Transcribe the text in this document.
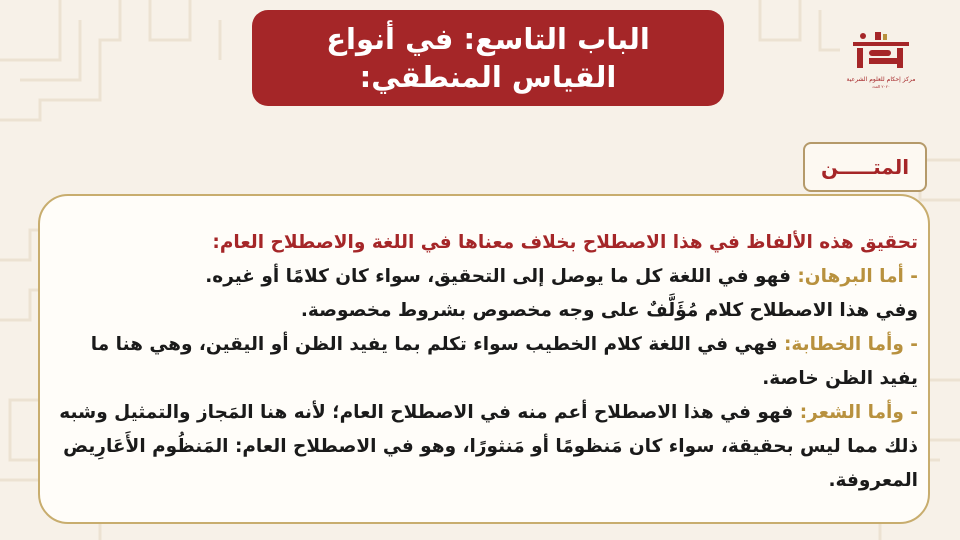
الباب التاسع: في أنواع
القياس المنطقي:	مركز إحكام للعلوم الشرعية
٢٠٢٠ العدد
المتـــــن

تحقيق هذه الألفاظ في هذا الاصطلاح بخلاف معناها في اللغة والاصطلاح العام:

- أما البرهان: فهو في اللغة كل ما يوصل إلى التحقيق، سواء كان كلامًا أو غيره.

وفي هذا الاصطلاح كلام مُؤَلَّفٌ على وجه مخصوص بشروط مخصوصة.

- وأما الخطابة: فهي في اللغة كلام الخطيب سواء تكلم بما يفيد الظن أو اليقين، وهي هنا ما يفيد الظن خاصة.

- وأما الشعر: فهو في هذا الاصطلاح أعم منه في الاصطلاح العام؛ لأنه هنا المَجاز والتمثيل وشبه ذلك مما ليس بحقيقة، سواء كان مَنظومًا أو مَنثورًا، وهو في الاصطلاح العام: المَنظُوم الأَعَارِيض المعروفة.
